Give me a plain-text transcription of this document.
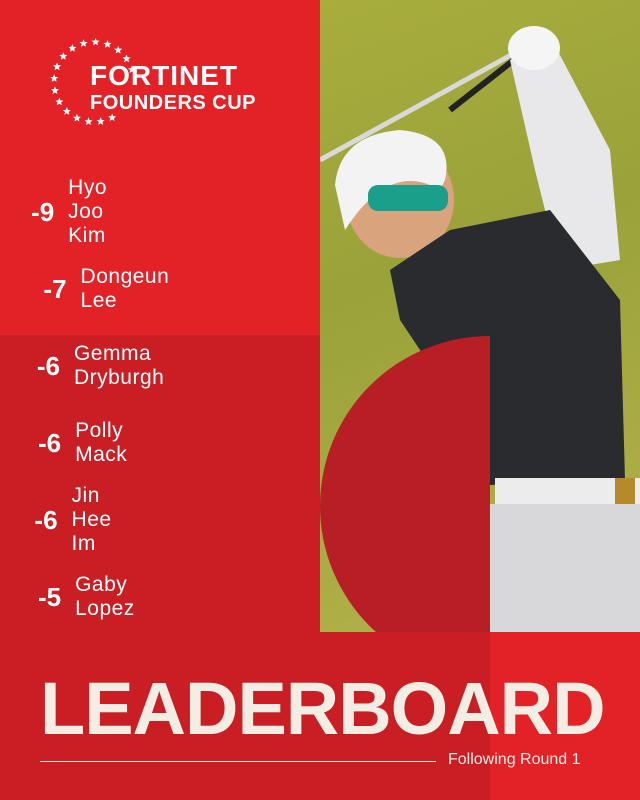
FORTINET
FOUNDERS CUP
-9
Hyo Joo Kim
-7 Dongeun Lee
-6 Gemma Dryburgh
-6 Polly Mack
-6
Jin Hee Im
-5 Gaby Lopez
LEADERBOARD
Following Round 1
